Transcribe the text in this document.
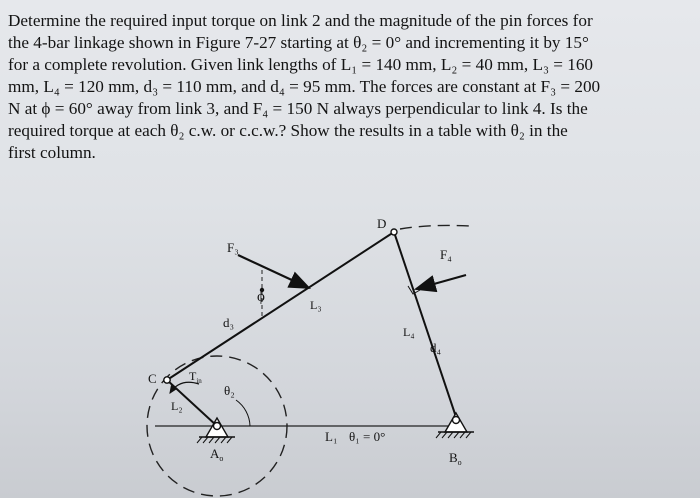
Determine the required input torque on link 2 and the magnitude of the pin forces for
the 4-bar linkage shown in Figure 7-27 starting at θ₂ = 0° and incrementing it by 15°
for a complete revolution. Given link lengths of L₁ = 140 mm, L₂ = 40 mm, L₃ = 160
mm, L₄ = 120 mm, d₃ = 110 mm, and d₄ = 95 mm. The forces are constant at F₃ = 200
N at ϕ = 60° away from link 3, and F₄ = 150 N always perpendicular to link 4. Is the
required torque at each θ₂ c.w. or c.c.w.? Show the results in a table with θ₂ in the
first column.
D
C
F₃	F₄
ϕ	L₃
L₄
d₃
d₄
$T_{in}$
θ₂
L₂
L₁ θ₁ = 0°
$A_o$	$B_o$
